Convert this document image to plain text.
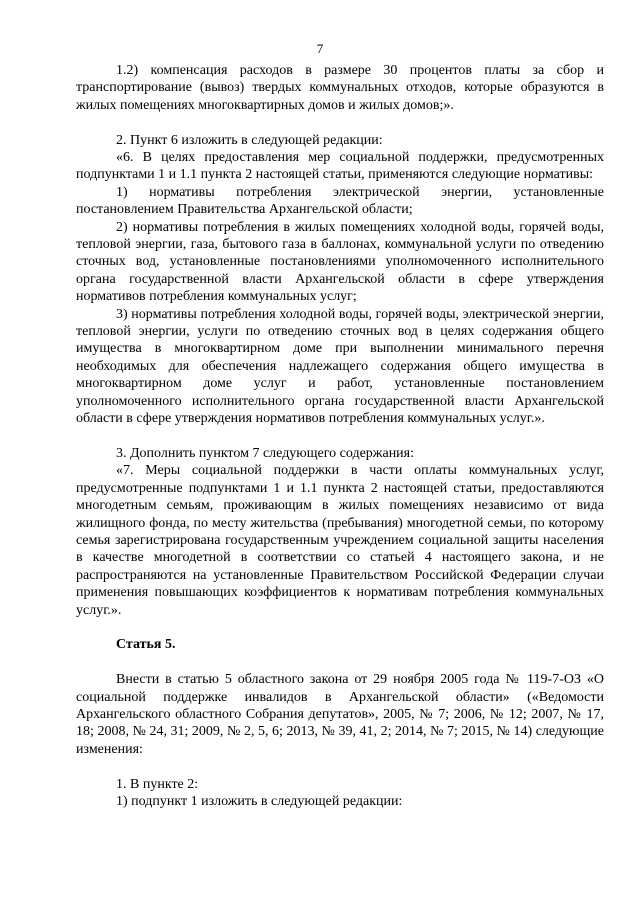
7

1.2) компенсация расходов в размере 30 процентов платы за сбор и транспортирование (вывоз) твердых коммунальных отходов, которые образуются в жилых помещениях многоквартирных домов и жилых домов;».

2. Пункт 6 изложить в следующей редакции:

«6. В целях предоставления мер социальной поддержки, предусмотренных подпунктами 1 и 1.1 пункта 2 настоящей статьи, применяются следующие нормативы:

1) нормативы потребления электрической энергии, установленные постановлением Правительства Архангельской области;

2) нормативы потребления в жилых помещениях холодной воды, горячей воды, тепловой энергии, газа, бытового газа в баллонах, коммунальной услуги по отведению сточных вод, установленные постановлениями уполномоченного исполнительного органа государственной власти Архангельской области в сфере утверждения нормативов потребления коммунальных услуг;

3) нормативы потребления холодной воды, горячей воды, электрической энергии, тепловой энергии, услуги по отведению сточных вод в целях содержания общего имущества в многоквартирном доме при выполнении минимального перечня необходимых для обеспечения надлежащего содержания общего имущества в многоквартирном доме услуг и работ, установленные постановлением уполномоченного исполнительного органа государственной власти Архангельской области в сфере утверждения нормативов потребления коммунальных услуг.».

3. Дополнить пунктом 7 следующего содержания:

«7. Меры социальной поддержки в части оплаты коммунальных услуг, предусмотренные подпунктами 1 и 1.1 пункта 2 настоящей статьи, предоставляются многодетным семьям, проживающим в жилых помещениях независимо от вида жилищного фонда, по месту жительства (пребывания) многодетной семьи, по которому семья зарегистрирована государственным учреждением социальной защиты населения в качестве многодетной в соответствии со статьей 4 настоящего закона, и не распространяются на установленные Правительством Российской Федерации случаи применения повышающих коэффициентов к нормативам потребления коммунальных услуг.».

Статья 5.

Внести в статью 5 областного закона от 29 ноября 2005 года № 119-7-ОЗ «О социальной поддержке инвалидов в Архангельской области» («Ведомости Архангельского областного Собрания депутатов», 2005, № 7; 2006, № 12; 2007, № 17, 18; 2008, № 24, 31; 2009, № 2, 5, 6; 2013, № 39, 41, 2; 2014, № 7; 2015, № 14) следующие изменения:

1. В пункте 2:

1) подпункт 1 изложить в следующей редакции:
